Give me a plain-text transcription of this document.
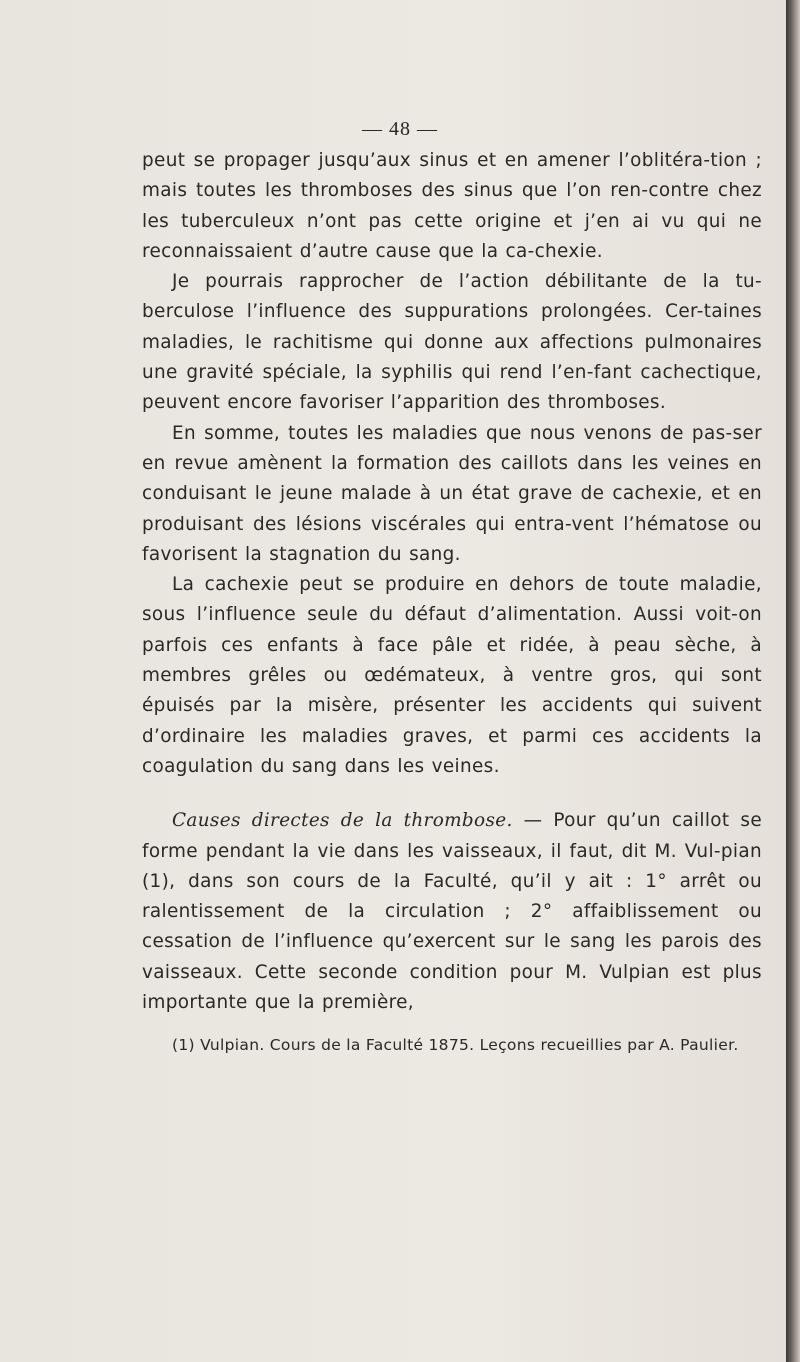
— 48 —

peut se propager jusqu’aux sinus et en amener l’oblitéra-tion ; mais toutes les thromboses des sinus que l’on ren-contre chez les tuberculeux n’ont pas cette origine et j’en ai vu qui ne reconnaissaient d’autre cause que la ca-chexie.

Je pourrais rapprocher de l’action débilitante de la tu-berculose l’influence des suppurations prolongées. Cer-taines maladies, le rachitisme qui donne aux affections pulmonaires une gravité spéciale, la syphilis qui rend l’en-fant cachectique, peuvent encore favoriser l’apparition des thromboses.

En somme, toutes les maladies que nous venons de pas-ser en revue amènent la formation des caillots dans les veines en conduisant le jeune malade à un état grave de cachexie, et en produisant des lésions viscérales qui entra-vent l’hématose ou favorisent la stagnation du sang.

La cachexie peut se produire en dehors de toute maladie, sous l’influence seule du défaut d’alimentation. Aussi voit-on parfois ces enfants à face pâle et ridée, à peau sèche, à membres grêles ou œdémateux, à ventre gros, qui sont épuisés par la misère, présenter les accidents qui suivent d’ordinaire les maladies graves, et parmi ces accidents la coagulation du sang dans les veines.

Causes directes de la thrombose. — Pour qu’un caillot se forme pendant la vie dans les vaisseaux, il faut, dit M. Vul-pian (1), dans son cours de la Faculté, qu’il y ait : 1° arrêt ou ralentissement de la circulation ; 2° affaiblissement ou cessation de l’influence qu’exercent sur le sang les parois des vaisseaux. Cette seconde condition pour M. Vulpian est plus importante que la première,

(1) Vulpian. Cours de la Faculté 1875. Leçons recueillies par A. Paulier.
